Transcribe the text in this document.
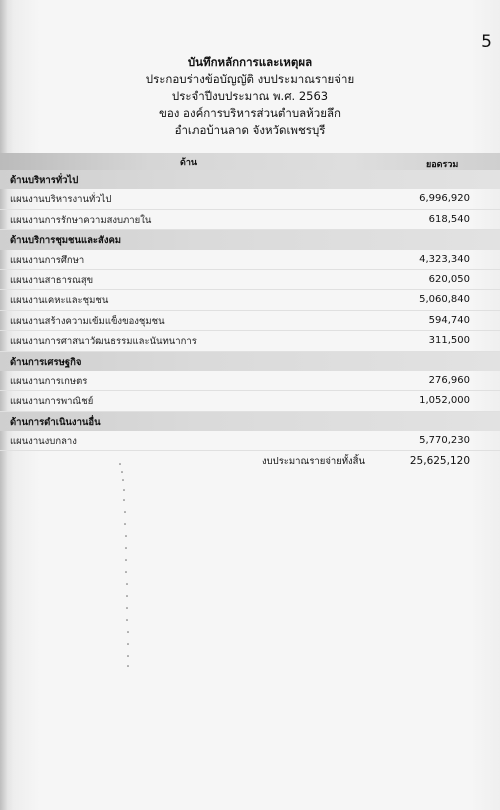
5
บันทึกหลักการและเหตุผล
ประกอบร่างข้อบัญญัติ งบประมาณรายจ่าย
ประจำปีงบประมาณ พ.ศ. 2563
ของ องค์การบริหารส่วนตำบลห้วยลึก
อำเภอบ้านลาด จังหวัดเพชรบุรี
ด้าน	ยอดรวม
ด้านบริหารทั่วไป
แผนงานบริหารงานทั่วไป	6,996,920
แผนงานการรักษาความสงบภายใน	618,540
ด้านบริการชุมชนและสังคม
แผนงานการศึกษา	4,323,340
แผนงานสาธารณสุข	620,050
แผนงานเคหะและชุมชน	5,060,840
แผนงานสร้างความเข้มแข็งของชุมชน	594,740
แผนงานการศาสนาวัฒนธรรมและนันทนาการ	311,500
ด้านการเศรษฐกิจ
แผนงานการเกษตร	276,960
แผนงานการพาณิชย์	1,052,000
ด้านการดำเนินงานอื่น
แผนงานงบกลาง	5,770,230
งบประมาณรายจ่ายทั้งสิ้น	25,625,120
